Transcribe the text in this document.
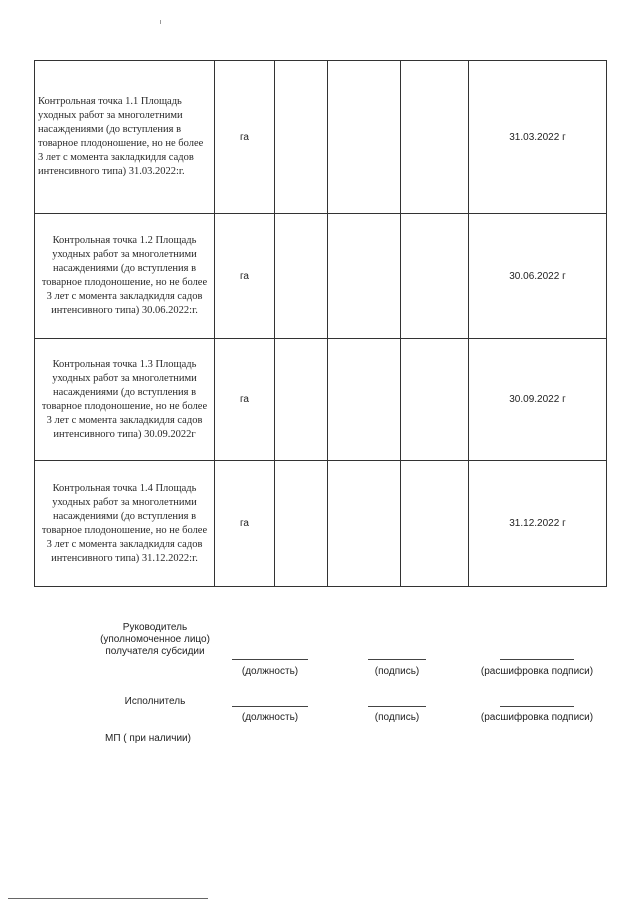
Контрольная точка 1.1 Площадь уходных работ за многолетними насаждениями (до вступления в товарное плодоношение, но не более 3 лет с момента закладкидля садов интенсивного типа) 31.03.2022:г.	га				31.03.2022 г
Контрольная точка 1.2 Площадь уходных работ за многолетними насаждениями (до вступления в товарное плодоношение, но не более 3 лет с момента закладкидля садов интенсивного типа) 30.06.2022:г.	га				30.06.2022 г
Контрольная точка 1.3 Площадь уходных работ за многолетними насаждениями (до вступления в товарное плодоношение, но не более 3 лет с момента закладкидля садов интенсивного типа) 30.09.2022г	га				30.09.2022 г
Контрольная точка 1.4 Площадь уходных работ за многолетними насаждениями (до вступления в товарное плодоношение, но не более 3 лет с момента закладкидля садов интенсивного типа) 31.12.2022:г.	га				31.12.2022 г
Руководитель
(уполномоченное лицо)
получателя субсидии
(должность)	(подпись)	(расшифровка подписи)
Исполнитель
(должность)	(подпись)	(расшифровка подписи)
МП ( при наличии)
